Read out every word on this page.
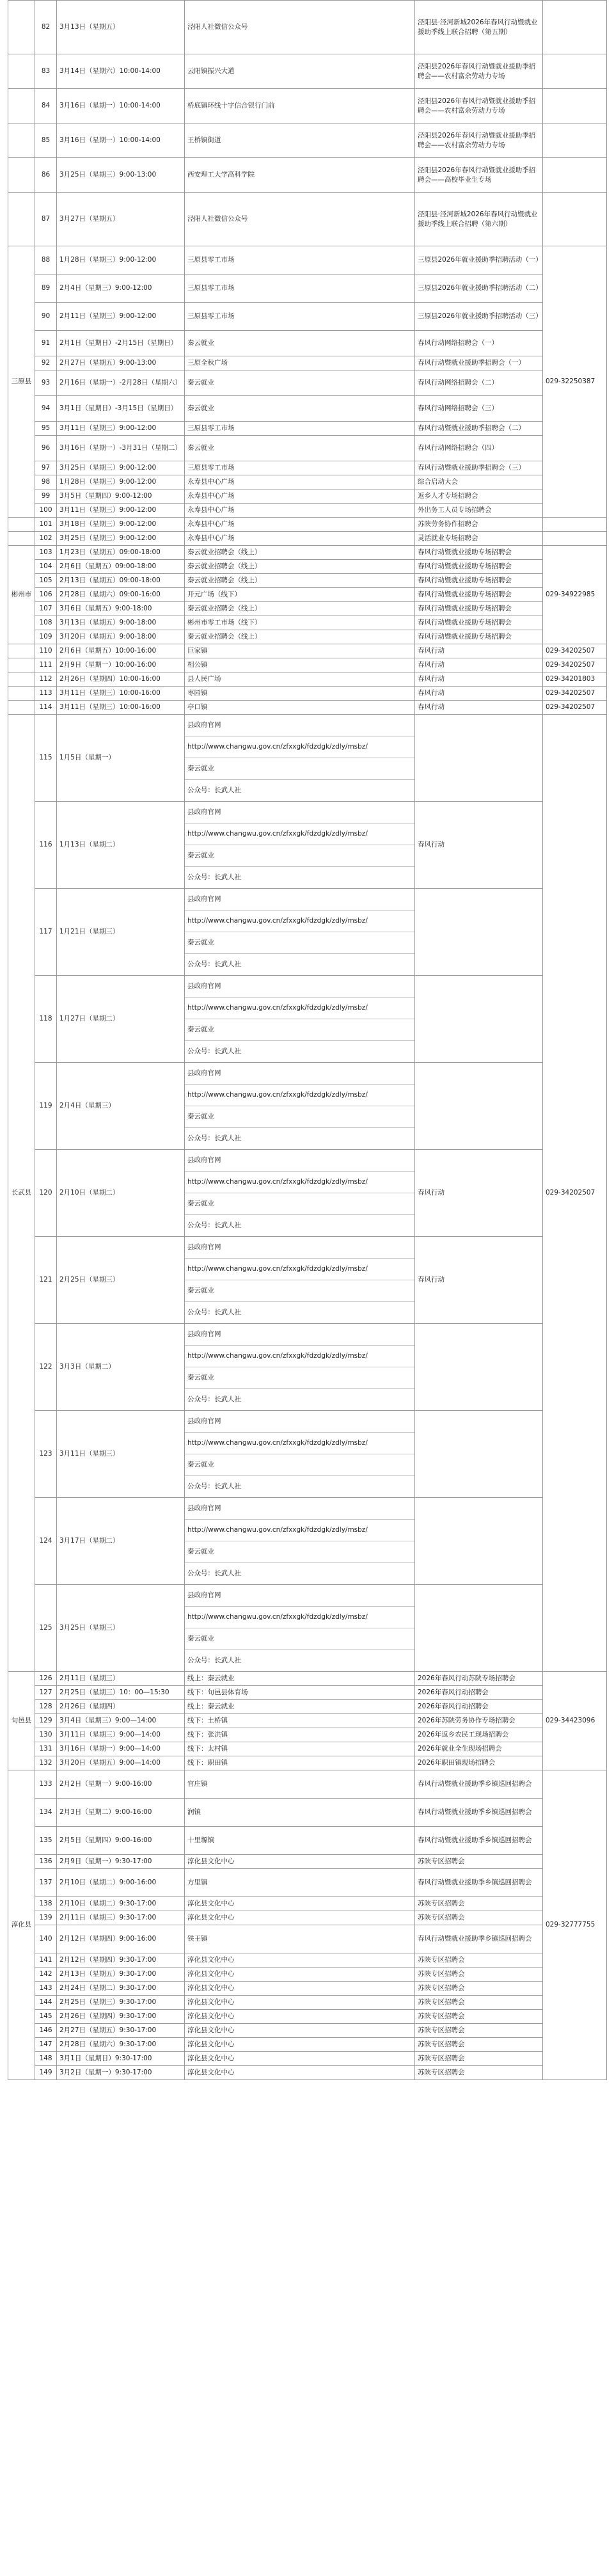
	82	3月13日（星期五）	泾阳人社微信公众号	泾阳县·泾河新城2026年春风行动暨就业援助季线上联合招聘（第五期）	
	83	3月14日（星期六）10:00-14:00	云阳镇振兴大道	泾阳县2026年春风行动暨就业援助季招聘会——农村富余劳动力专场	
	84	3月16日（星期一）10:00-14:00	桥底镇环线十字信合银行门前	泾阳县2026年春风行动暨就业援助季招聘会——农村富余劳动力专场	
	85	3月16日（星期一）10:00-14:00	王桥镇街道	泾阳县2026年春风行动暨就业援助季招聘会——农村富余劳动力专场	
	86	3月25日（星期三）9:00-13:00	西安理工大学高科学院	泾阳县2026年春风行动暨就业援助季招聘会——高校毕业生专场	
	87	3月27日（星期五）	泾阳人社微信公众号	泾阳县·泾河新城2026年春风行动暨就业援助季线上联合招聘（第六期）	
三原县	88	1月28日（星期三）9:00-12:00	三原县零工市场	三原县2026年就业援助季招聘活动（一）	029-32250387
	89	2月4日（星期三）9:00-12:00	三原县零工市场	三原县2026年就业援助季招聘活动（二）	
	90	2月11日（星期三）9:00-12:00	三原县零工市场	三原县2026年就业援助季招聘活动（三）	
	91	2月1日（星期日）-2月15日（星期日）	秦云就业	春风行动网络招聘会（一）	
	92	2月27日（星期五）9:00-13:00	三原全秋广场	春风行动暨就业援助季招聘会（一）	
	93	2月16日（星期一）-2月28日（星期六）	秦云就业	春风行动网络招聘会（二）	
	94	3月1日（星期日）-3月15日（星期日）	秦云就业	春风行动网络招聘会（三）	
	95	3月11日（星期三）9:00-12:00	三原县零工市场	春风行动暨就业援助季招聘会（二）	
	96	3月16日（星期一）-3月31日（星期二）	秦云就业	春风行动网络招聘会（四）	
	97	3月25日（星期三）9:00-12:00	三原县零工市场	春风行动暨就业援助季招聘会（三）	
	98	1月28日（星期三）9:00-12:00	永寿县中心广场	综合启动大会	
	99	3月5日（星期四）9:00-12:00	永寿县中心广场	返乡人才专场招聘会	
	100	3月11日（星期三）9:00-12:00	永寿县中心广场	外出务工人员专场招聘会	
	101	3月18日（星期三）9:00-12:00	永寿县中心广场	苏陕劳务协作招聘会	
	102	3月25日（星期三）9:00-12:00	永寿县中心广场	灵活就业专场招聘会	
彬州市	103	1月23日（星期五）09:00-18:00	秦云就业招聘会（线上）	春风行动暨就业援助专场招聘会	029-34922985
	104	2月6日（星期五）09:00-18:00	秦云就业招聘会（线上）	春风行动暨就业援助专场招聘会	
	105	2月13日（星期五）09:00-18:00	秦云就业招聘会（线上）	春风行动暨就业援助专场招聘会	
	106	2月28日（星期六）09:00-16:00	开元广场（线下）	春风行动暨就业援助专场招聘会	
	107	3月6日（星期五）9:00-18:00	秦云就业招聘会（线上）	春风行动暨就业援助专场招聘会	
	108	3月13日（星期五）9:00-18:00	彬州市零工市场（线下）	春风行动暨就业援助专场招聘会	
	109	3月20日（星期五）9:00-18:00	秦云就业招聘会（线上）	春风行动暨就业援助专场招聘会	
	110	2月6日（星期五）10:00-16:00	巨家镇	春风行动	029-34202507
	111	2月9日（星期一）10:00-16:00	相公镇	春风行动	029-34202507
	112	2月26日（星期四）10:00-16:00	县人民广场	春风行动	029-34201803
	113	3月11日（星期三）10:00-16:00	枣园镇	春风行动	029-34202507
	114	3月11日（星期三）10:00-16:00	亭口镇	春风行动	029-34202507
长武县	115	1月5日（星期一）	县政府官网
http://www.changwu.gov.cn/zfxxgk/fdzdgk/zdly/msbz/
秦云就业
公众号：长武人社		029-34202507
	116	1月13日（星期二）	县政府官网
http://www.changwu.gov.cn/zfxxgk/fdzdgk/zdly/msbz/
秦云就业
公众号：长武人社	春风行动	
	117	1月21日（星期三）	县政府官网
http://www.changwu.gov.cn/zfxxgk/fdzdgk/zdly/msbz/
秦云就业
公众号：长武人社		

	118	1月27日（星期二）	县政府官网
http://www.changwu.gov.cn/zfxxgk/fdzdgk/zdly/msbz/
秦云就业
公众号：长武人社		

	119	2月4日（星期三）	县政府官网
http://www.changwu.gov.cn/zfxxgk/fdzdgk/zdly/msbz/
秦云就业
公众号：长武人社		

	120	2月10日（星期二）	县政府官网
http://www.changwu.gov.cn/zfxxgk/fdzdgk/zdly/msbz/
秦云就业
公众号：长武人社	春风行动	
	121	2月25日（星期三）	县政府官网
http://www.changwu.gov.cn/zfxxgk/fdzdgk/zdly/msbz/
秦云就业
公众号：长武人社	春风行动	
	122	3月3日（星期二）	县政府官网
http://www.changwu.gov.cn/zfxxgk/fdzdgk/zdly/msbz/
秦云就业
公众号：长武人社		

	123	3月11日（星期三）	县政府官网
http://www.changwu.gov.cn/zfxxgk/fdzdgk/zdly/msbz/
秦云就业
公众号：长武人社		

	124	3月17日（星期二）	县政府官网
http://www.changwu.gov.cn/zfxxgk/fdzdgk/zdly/msbz/
秦云就业
公众号：长武人社		

	125	3月25日（星期三）	县政府官网
http://www.changwu.gov.cn/zfxxgk/fdzdgk/zdly/msbz/
秦云就业
公众号：长武人社		

旬邑县	126	2月11日（星期三）	线上：秦云就业	2026年春风行动苏陕专场招聘会	029-34423096
	127	2月25日（星期三）10：00—15:30	线下：旬邑县体育场	2026年春风行动招聘会	
	128	2月26日（星期四）	线上：秦云就业	2026年春风行动招聘会	
	129	3月4日（星期三）9:00—14:00	线下：土桥镇	2026年苏陕劳务协作专场招聘会	
	130	3月11日（星期三）9:00—14:00	线下：张洪镇	2026年返乡农民工现场招聘会	
	131	3月16日（星期一）9:00—14:00	线下：太村镇	2026年就业全生现场招聘会	
	132	3月20日（星期五）9:00—14:00	线下：职田镇	2026年职田镇现场招聘会	
淳化县	133	2月2日（星期一）9:00-16:00	官庄镇	春风行动暨就业援助季乡镇巡回招聘会	029-32777755
	134	2月3日（星期二）9:00-16:00	润镇	春风行动暨就业援助季乡镇巡回招聘会	
	135	2月5日（星期四）9:00-16:00	十里塬镇	春风行动暨就业援助季乡镇巡回招聘会	
	136	2月9日（星期一）9:30-17:00	淳化县文化中心	苏陕专区招聘会	
	137	2月10日（星期二）9:00-16:00	方里镇	春风行动暨就业援助季乡镇巡回招聘会	
	138	2月10日（星期二）9:30-17:00	淳化县文化中心	苏陕专区招聘会	
	139	2月11日（星期三）9:30-17:00	淳化县文化中心	苏陕专区招聘会	
	140	2月12日（星期四）9:00-16:00	铁王镇	春风行动暨就业援助季乡镇巡回招聘会	
	141	2月12日（星期四）9:30-17:00	淳化县文化中心	苏陕专区招聘会	
	142	2月13日（星期五）9:30-17:00	淳化县文化中心	苏陕专区招聘会	
	143	2月24日（星期二）9:30-17:00	淳化县文化中心	苏陕专区招聘会	
	144	2月25日（星期三）9:30-17:00	淳化县文化中心	苏陕专区招聘会	
	145	2月26日（星期四）9:30-17:00	淳化县文化中心	苏陕专区招聘会	
	146	2月27日（星期五）9:30-17:00	淳化县文化中心	苏陕专区招聘会	
	147	2月28日（星期六）9:30-17:00	淳化县文化中心	苏陕专区招聘会	
	148	3月1日（星期日）9:30-17:00	淳化县文化中心	苏陕专区招聘会	
	149	3月2日（星期一）9:30-17:00	淳化县文化中心	苏陕专区招聘会	
